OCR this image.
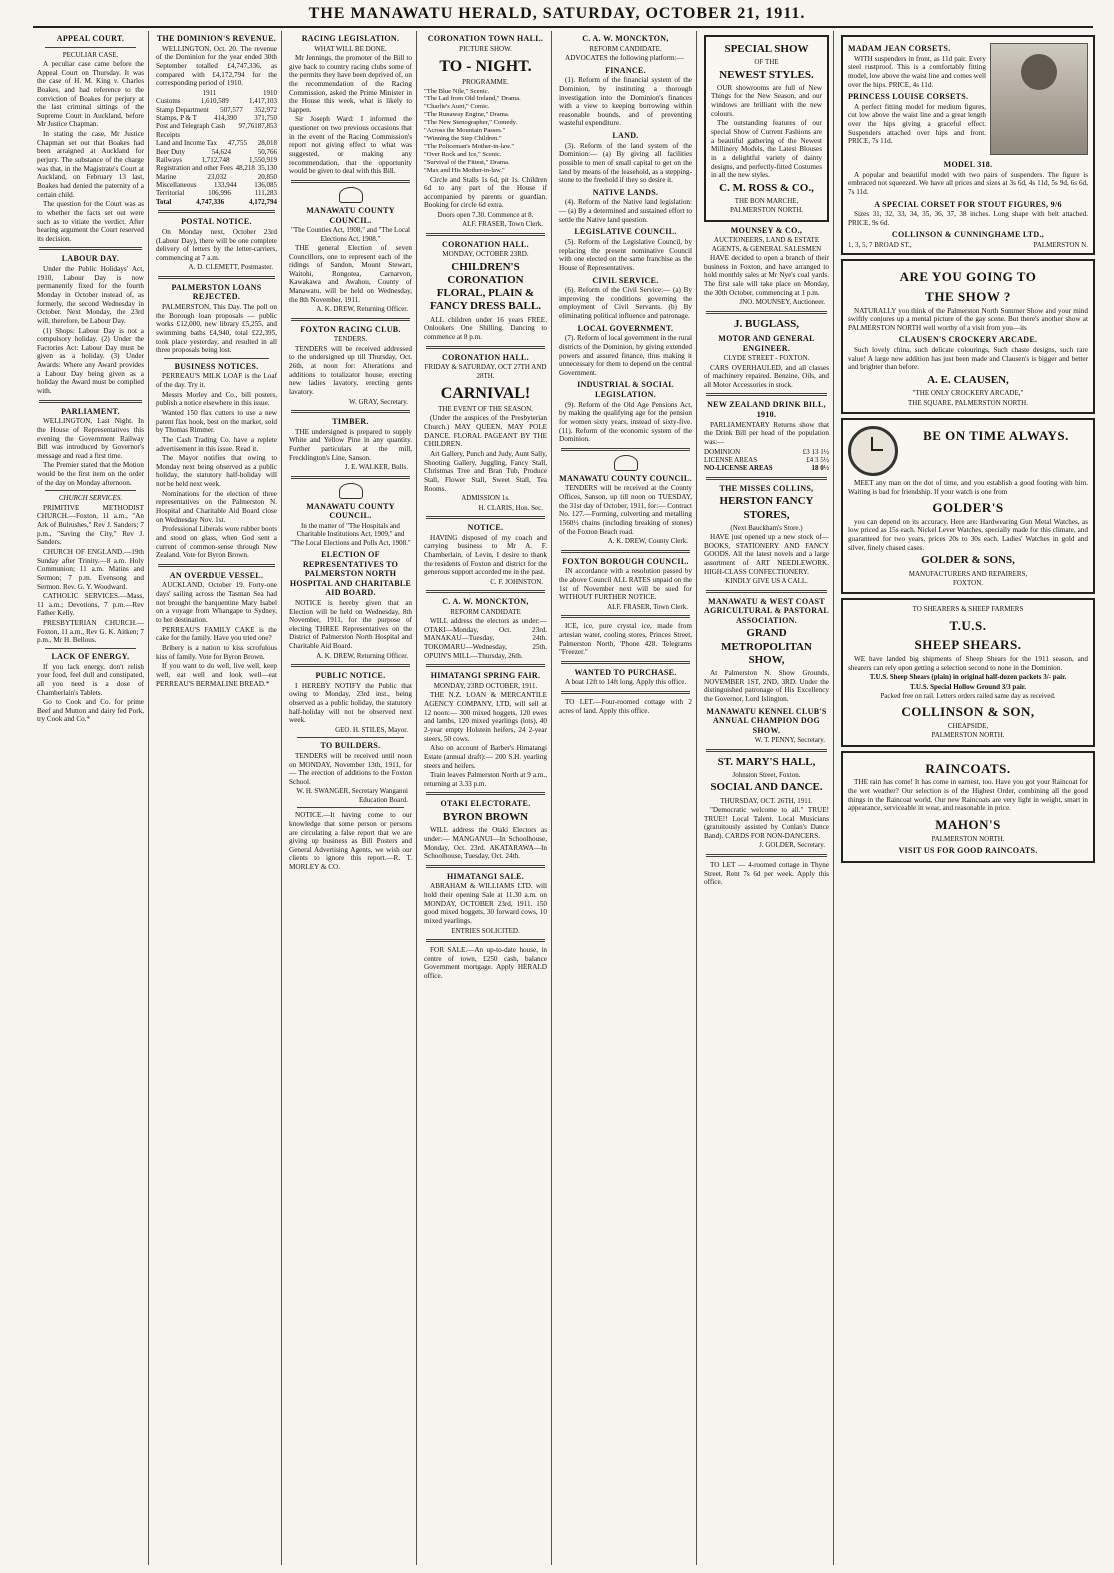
THE MANAWATU HERALD, SATURDAY, OCTOBER 21, 1911.
APPEAL COURT.
PECULIAR CASE.

A peculiar case came before the Appeal Court on Thursday. It was the case of H. M. King v. Charles Boakes, and had reference to the conviction of Boakes for perjury at the last criminal sittings of the Supreme Court in Auckland, before Mr Justice Chapman.

In stating the case, Mr Justice Chapman set out that Boakes had been arraigned at Auckland for perjury. The substance of the charge was that, in the Magistrate's Court at Auckland, on February 13 last, Boakes had denied the paternity of a certain child.

The question for the Court was as to whether the facts set out were such as to vitiate the verdict. After hearing argument the Court reserved its decision.

LABOUR DAY.

Under the Public Holidays' Act, 1910, Labour Day is now permanently fixed for the fourth Monday in October instead of, as formerly, the second Wednesday in October. Next Monday, the 23rd will, therefore, be Labour Day.

(1) Shops: Labour Day is not a compulsory holiday. (2) Under the Factories Act: Labour Day must be given as a holiday. (3) Under Awards: Where any Award provides a Labour Day being given as a holiday the Award must be complied with.

PARLIAMENT.

WELLINGTON, Last Night. In the House of Representatives this evening the Government Railway Bill was introduced by Governor's message and read a first time.

The Premier stated that the Motion would be the first item on the order of the day on Monday afternoon.

CHURCH SERVICES.

PRIMITIVE METHODIST CHURCH.—Foxton, 11 a.m., "An Ark of Bulrushes," Rev J. Sanders; 7 p.m., "Saving the City," Rev J. Sanders.

CHURCH OF ENGLAND.—19th Sunday after Trinity.—8 a.m. Holy Communion; 11 a.m. Matins and Sermon; 7 p.m. Evensong and Sermon. Rev. G. Y. Woodward.

CATHOLIC SERVICES.—Mass, 11 a.m.; Devotions, 7 p.m.—Rev Father Kelly.

PRESBYTERIAN CHURCH.—Foxton, 11 a.m., Rev G. K. Aitken; 7 p.m., Mr H. Bellous.

LACK OF ENERGY.

If you lack energy, don't relish your food, feel dull and constipated, all you need is a dose of Chamberlain's Tablets.

Go to Cook and Co. for prime Beef and Mutton and dairy fed Pork, try Cook and Co.*

THE DOMINION'S REVENUE.

WELLINGTON, Oct. 20. The revenue of the Dominion for the year ended 30th September totalled £4,747,336, as compared with £4,172,794 for the corresponding period of 1910.

1911	1910
Customs	1,610,589	1,417,103
Stamp Department 507,577 352,972
Stamps, P & T 414,390 371,750
Post and Telegraph Cash Receipts
97,761 87,853
Land and Income Tax 47,755 28,018
Beer Duty	54,624	50,766
Railways	1,712,748	1,550,919
Registration and other Fees 48,218 35,130
Marine	23,032	20,850
Miscellaneous	133,944	136,085
Territorial	106,996	111,283
Total	4,747,336	4,172,794
POSTAL NOTICE.

On Monday next, October 23rd (Labour Day), there will be one complete delivery of letters by the letter-carriers, commencing at 7 a.m.

A. D. CLEMETT, Postmaster.
PALMERSTON LOANS REJECTED.

PALMERSTON, This Day. The poll on the Borough loan proposals — public works £12,000, new library £5,255, and swimming baths £4,940, total £22,395, took place yesterday, and resulted in all three proposals being lost.

BUSINESS NOTICES.

PERREAU'S MILK LOAF is the Loaf of the day. Try it.

Messrs Morley and Co., bill posters, publish a notice elsewhere in this issue.

Wanted 150 flax cutters to use a new patent flax hook, best on the market, sold by Thomas Rimmer.

The Cash Trading Co. have a replete advertisement in this issue. Read it.

The Mayor notifies that owing to Monday next being observed as a public holiday, the statutory half-holiday will not be held next week.

Nominations for the election of three representatives on the Palmerston N. Hospital and Charitable Aid Board close on Wednesday Nov. 1st.

Professional Liberals wore rubber boots and stood on glass, when God sent a current of common-sense through New Zealand. Vote for Byron Brown.

AN OVERDUE VESSEL.

AUCKLAND, October 19. Forty-one days' sailing across the Tasman Sea had not brought the barquentine Mary Isabel on a voyage from Whangape to Sydney, to her destination.

PERREAU'S FAMILY CAKE is the cake for the family. Have you tried one?

Bribery is a nation to kiss scrofulous kiss of family. Vote for Byron Brown.

If you want to do well, live well, keep well, eat well and look well—eat PERREAU'S BERMALINE BREAD.*

RACING LEGISLATION.
WHAT WILL BE DONE.

Mr Jennings, the promoter of the Bill to give back to country racing clubs some of the permits they have been deprived of, on the recommendation of the Racing Commission, asked the Prime Minister in the House this week, what is likely to happen.

Sir Joseph Ward: I informed the questioner on two previous occasions that in the event of the Racing Commission's report not giving effect to what was suggested, or making any recommendation, that the opportunity would be given to deal with this Bill.

MANAWATU COUNTY COUNCIL.
"The Counties Act, 1908," and "The Local Elections Act, 1908."

THE general Election of seven Councillors, one to represent each of the ridings of Sandon, Mount Stewart, Waitohi, Rongotea, Carnarvon, Kawakawa and Awahou, County of Manawatu, will be held on Wednesday, the 8th November, 1911.

A. K. DREW, Returning Officer.
FOXTON RACING CLUB.
TENDERS.

TENDERS will be received addressed to the undersigned up till Thursday, Oct. 26th, at noon for: Alterations and additions to totalizator house, erecting new ladies lavatory, erecting gents lavatory.

W. GRAY, Secretary.
TIMBER.

THE undersigned is prepared to supply White and Yellow Pine in any quantity. Further particulars at the mill, Frecklington's Line, Sanson.

J. E. WALKER, Bulls.
MANAWATU COUNTY COUNCIL.
In the matter of "The Hospitals and Charitable Institutions Act, 1909," and "The Local Elections and Polls Act, 1908."
ELECTION OF REPRESENTATIVES TO PALMERSTON NORTH HOSPITAL AND CHARITABLE AID BOARD.

NOTICE is hereby given that an Election will be held on Wednesday, 8th November, 1911, for the purpose of electing THREE Representatives on the District of Palmerston North Hospital and Charitable Aid Board.

A. K. DREW, Returning Officer.
PUBLIC NOTICE.

I HEREBY NOTIFY the Public that owing to Monday, 23rd inst., being observed as a public holiday, the statutory half-holiday will not be observed next week.

GEO. H. STILES, Mayor.
TO BUILDERS.

TENDERS will be received until noon on MONDAY, November 13th, 1911, for— The erection of additions to the Foxton School.

W. H. SWANGER, Secretary Wanganui Education Board.

NOTICE.—It having come to our knowledge that some person or persons are circulating a false report that we are giving up business as Bill Posters and General Advertising Agents, we wish our clients to ignore this report.—R. T. MORLEY & CO.

CORONATION TOWN HALL.
PICTURE SHOW.
TO - NIGHT.
PROGRAMME.
"The Blue Nile," Scenic.
"The Lad from Old Ireland," Drama.
"Charlie's Aunt," Comic.
"The Runaway Engine," Drama.
"The New Stenographer," Comedy.
"Across the Mountain Passes."
"Winning the Step Children."
"The Policeman's Mother-in-law."
"Over Rock and Ice," Scenic.
"Survival of the Fittest," Drama.
"Max and His Mother-in-law."

Circle and Stalls 1s 6d, pit 1s. Children 6d to any part of the House if accompanied by parents or guardian. Booking for circle 6d extra.

Doors open 7.30. Commence at 8.
ALF. FRASER, Town Clerk.
CORONATION HALL.
MONDAY, OCTOBER 23RD.
CHILDREN'S CORONATION FLORAL, PLAIN & FANCY DRESS BALL.

ALL children under 16 years FREE. Onlookers One Shilling. Dancing to commence at 8 p.m.

CORONATION HALL.
FRIDAY & SATURDAY, OCT 27TH AND 28TH.
CARNIVAL!
THE EVENT OF THE SEASON.

(Under the auspices of the Presbyterian Church.) MAY QUEEN, MAY POLE DANCE. FLORAL PAGEANT BY THE CHILDREN.

Art Gallery, Punch and Judy, Aunt Sally, Shooting Gallery, Juggling, Fancy Stall, Christmas Tree and Bran Tub, Produce Stall, Flower Stall, Sweet Stall, Tea Rooms.

ADMISSION 1s.
H. CLARIS, Hon. Sec.
NOTICE.

HAVING disposed of my coach and carrying business to Mr A. F. Chamberlain, of Levin, I desire to thank the residents of Foxton and district for the generous support accorded me in the past.

C. F. JOHNSTON.
C. A. W. MONCKTON,
REFORM CANDIDATE

WILL address the electors as under:— OTAKI—Monday, Oct. 23rd. MANAKAU—Tuesday, 24th. TOKOMARU—Wednesday, 25th. OPUIN'S MILL—Thursday, 26th.

HIMATANGI SPRING FAIR.
MONDAY, 23RD OCTOBER, 1911.

THE N.Z. LOAN & MERCANTILE AGENCY COMPANY, LTD, will sell at 12 noon:— 300 mixed hoggets, 120 ewes and lambs, 120 mixed yearlings (lots), 40 2-year empty Holstein heifers, 24 2-year steers, 50 cows.

Also on account of Barber's Himatangi Estate (annual draft):— 200 S.H. yearling steers and heifers.

Train leaves Palmerston North at 9 a.m., returning at 3.33 p.m.

OTAKI ELECTORATE.
BYRON BROWN

WILL address the Otaki Electors as under:— MANGANUI—In Schoolhouse, Monday, Oct. 23rd. AKATARAWA—In Schoolhouse, Tuesday, Oct. 24th.

HIMATANGI SALE.

ABRAHAM & WILLIAMS LTD. will hold their opening Sale at 11.30 a.m. on MONDAY, OCTOBER 23rd, 1911. 150 good mixed hoggets, 30 forward cows, 10 mixed yearlings.

ENTRIES SOLICITED.

FOR SALE.—An up-to-date house, in centre of town, £250 cash, balance Government mortgage. Apply HERALD office.

C. A. W. MONCKTON,
REFORM CANDIDATE.

ADVOCATES the following platform:—

FINANCE.

(1). Reform of the financial system of the Dominion, by instituting a thorough investigation into the Dominion's finances with a view to keeping borrowing within reasonable bounds, and of preventing wasteful expenditure.

LAND.

(3). Reform of the land system of the Dominion:— (a) By giving all facilities possible to men of small capital to get on the land by means of the leasehold, as a stepping-stone to the freehold if they so desire it.

NATIVE LANDS.

(4). Reform of the Native land legislation:— (a) By a determined and sustained effort to settle the Native land question.

LEGISLATIVE COUNCIL.

(5). Reform of the Legislative Council, by replacing the present nominative Council with one elected on the same franchise as the House of Representatives.

CIVIL SERVICE.

(6). Reform of the Civil Service:— (a) By improving the conditions governing the employment of Civil Servants. (b) By eliminating political influence and patronage.

LOCAL GOVERNMENT.

(7). Reform of local government in the rural districts of the Dominion, by giving extended powers and assured finance, thus making it unnecessary for them to depend on the central Government.

INDUSTRIAL & SOCIAL LEGISLATION.

(9). Reform of the Old Age Pensions Act, by making the qualifying age for the pension for women sixty years, instead of sixty-five. (11). Reform of the economic system of the Dominion.

MANAWATU COUNTY COUNCIL.

TENDERS will be received at the County Offices, Sanson, up till noon on TUESDAY, the 31st day of October, 1911, for:— Contract No. 127.—Forming, culverting and metalling 1560½ chains (including breaking of stones) of the Foxton Beach road.

A. K. DREW, County Clerk.
FOXTON BOROUGH COUNCIL.

IN accordance with a resolution passed by the above Council ALL RATES unpaid on the 1st of November next will be sued for WITHOUT FURTHER NOTICE.

ALF. FRASER, Town Clerk.

ICE, ice, pure crystal ice, made from artesian water, cooling stores, Princes Street, Palmerston North, 'Phone 428. Telegrams "Freezer."

WANTED TO PURCHASE.

A boat 12ft to 14ft long. Apply this office.

TO LET.—Four-roomed cottage with 2 acres of land. Apply this office.

SPECIAL SHOW
OF THE
NEWEST STYLES.

OUR showrooms are full of New Things for the New Season, and our windows are brilliant with the new colours.

The outstanding features of our special Show of Current Fashions are a beautiful gathering of the Newest Millinery Models, the Latest Blouses in a delightful variety of dainty designs, and perfectly-fitted Costumes in all the new styles.

C. M. ROSS & CO.,
THE BON MARCHE,
PALMERSTON NORTH.
MOUNSEY & CO.,
AUCTIONEERS, LAND & ESTATE AGENTS, & GENERAL SALESMEN

HAVE decided to open a branch of their business in Foxton, and have arranged to hold monthly sales at Mr Nye's coal yards. The first sale will take place on Monday, the 30th October, commencing at 1 p.m.

JNO. MOUNSEY, Auctioneer.
J. BUGLASS,
MOTOR AND GENERAL ENGINEER.
CLYDE STREET - FOXTON.

CARS OVERHAULED, and all classes of machinery repaired. Benzine, Oils, and all Motor Accessories in stock.

NEW ZEALAND DRINK BILL, 1910.

PARLIAMENTARY Returns show that the Drink Bill per head of the population was:—

DOMINION	£3 13 1½
LICENSE AREAS	£4 3 5½
NO-LICENSE AREAS	18 0½
THE MISSES COLLINS,
HERSTON FANCY STORES,
(Next Bauckham's Store.)

HAVE just opened up a new stock of— BOOKS, STATIONERY AND FANCY GOODS. All the latest novels and a large assortment of ART NEEDLEWORK. HIGH-CLASS CONFECTIONERY.

KINDLY GIVE US A CALL.
MANAWATU & WEST COAST AGRICULTURAL & PASTORAL ASSOCIATION.
GRAND METROPOLITAN SHOW,

At Palmerston N. Show Grounds, NOVEMBER 1ST, 2ND, 3RD. Under the distinguished patronage of His Excellency the Governor, Lord Islington.

MANAWATU KENNEL CLUB'S ANNUAL CHAMPION DOG SHOW.
W. T. PENNY, Secretary.
ST. MARY'S HALL,
Johnston Street, Foxton.
SOCIAL AND DANCE.
THURSDAY, OCT. 26TH, 1911.

"Democratic welcome to all." TRUE! TRUE!! Local Talent. Local Musicians (gratuitously assisted by Conlan's Dance Band). CARDS FOR NON-DANCERS.

J. GOLDER, Secretary.

TO LET — 4-roomed cottage in Thyne Street. Rent 7s 6d per week. Apply this office.

MADAM JEAN CORSETS.

WITH suspenders in front, as 11d pair. Every steel rustproof. This is a comfortably fitting model, low above the waist line and comes well over the hips. PRICE, 4s 11d.

PRINCESS LOUISE CORSETS.

A perfect fitting model for medium figures, cut low above the waist line and a great length over the hips giving a graceful effect. Suspenders attached over hips and front. PRICE, 7s 11d.

MODEL 318.

A popular and beautiful model with two pairs of suspenders. The figure is embraced not squeezed. We have all prices and sizes at 3s 6d, 4s 11d, 5s 9d, 6s 6d, 7s 11d.

A SPECIAL CORSET FOR STOUT FIGURES, 9/6

Sizes 31, 32, 33, 34, 35, 36, 37, 38 inches. Long shape with belt attached. PRICE, 9s 6d.

COLLINSON & CUNNINGHAME LTD.,
1, 3, 5, 7 BROAD ST.,	PALMERSTON N.
ARE YOU GOING TO
THE SHOW ?

NATURALLY you think of the Palmerston North Summer Show and your mind swiftly conjures up a mental picture of the gay scene. But there's another show at PALMERSTON NORTH well worthy of a visit from you—its

CLAUSEN'S CROCKERY ARCADE.

Such lovely china, such delicate colourings, Such chaste designs, such rare value! A large new addition has just been made and Clausen's is bigger and better and brighter than before.

A. E. CLAUSEN,
"THE ONLY CROCKERY ARCADE,"
THE SQUARE, PALMERSTON NORTH.
BE ON TIME ALWAYS.

MEET any man on the dot of time, and you establish a good footing with him. Waiting is bad for friendship. If your watch is one from

GOLDER'S

you can depend on its accuracy. Here are: Hardwearing Gun Metal Watches, as low priced as 15s each. Nickel Lever Watches, specially made for this climate, and guaranteed for two years, prices 20s to 30s each. Ladies' Watches in gold and silver, finely chased cases.

GOLDER & SONS,
MANUFACTURERS AND REPAIRERS,
FOXTON.
TO SHEARERS & SHEEP FARMERS
T.U.S.
SHEEP SHEARS.

WE have landed big shipments of Sheep Shears for the 1911 season, and shearers can rely upon getting a selection second to none in the Dominion.

T.U.S. Sheep Shears (plain) in original half-dozen packets 3/- pair.
T.U.S. Special Hollow Ground 3/3 pair.
Packed free on rail. Letters orders railed same day as received.
COLLINSON & SON,
CHEAPSIDE,
PALMERSTON NORTH.
RAINCOATS.

THE rain has come! It has come in earnest, too. Have you got your Raincoat for the wet weather? Our selection is of the Highest Order, combining all the good things in the Raincoat world. Our new Raincoats are very light in weight, smart in appearance, serviceable in wear, and reasonable in price.

MAHON'S
PALMERSTON NORTH.
VISIT US FOR GOOD RAINCOATS.
